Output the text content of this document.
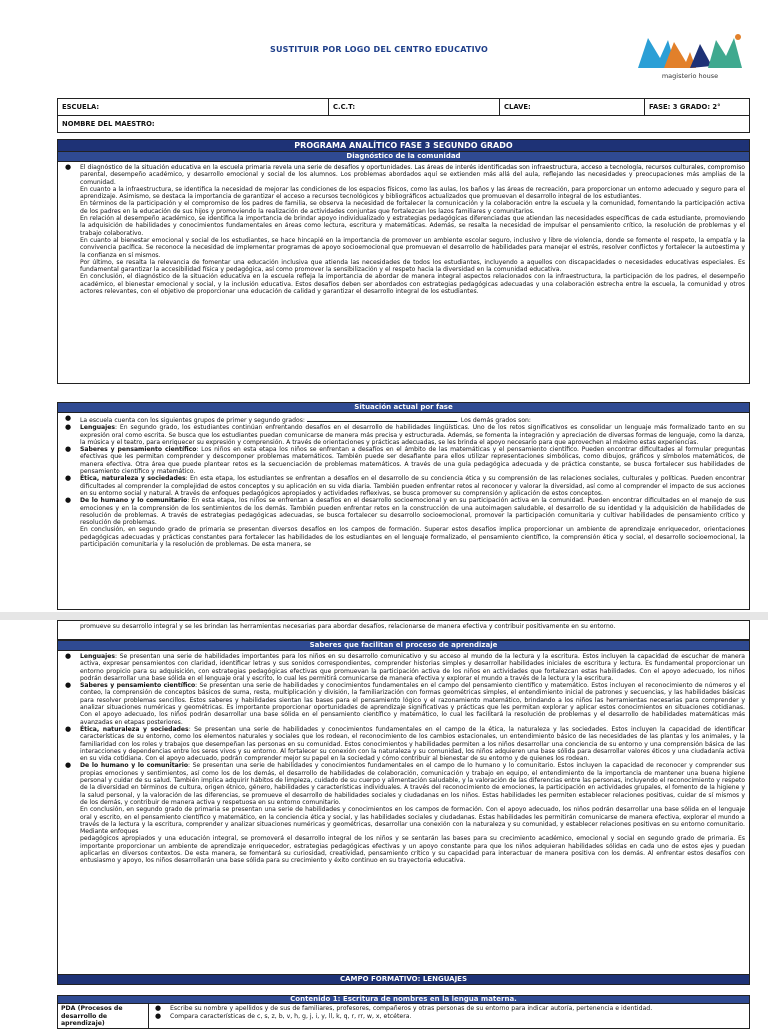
SUSTITUIR POR LOGO DEL CENTRO EDUCATIVO
magisterio house
ESCUELA:	C.C.T:	CLAVE:	FASE: 3 GRADO: 2°
NOMBRE DEL MAESTRO:
PROGRAMA ANALÍTICO FASE 3 SEGUNDO GRADO
Diagnóstico de la comunidad
● El diagnóstico de la situación educativa en la escuela primaria revela una serie de desafíos y oportunidades. Las áreas de interés identificadas son infraestructura, acceso a tecnología, recursos culturales, compromiso parental, desempeño académico, y desarrollo emocional y social de los alumnos. Los problemas abordados aquí se extienden más allá del aula, reflejando las necesidades y preocupaciones más amplias de la comunidad.

En cuanto a la infraestructura, se identifica la necesidad de mejorar las condiciones de los espacios físicos, como las aulas, los baños y las áreas de recreación, para proporcionar un entorno adecuado y seguro para el aprendizaje. Asimismo, se destaca la importancia de garantizar el acceso a recursos tecnológicos y bibliográficos actualizados que promuevan el desarrollo integral de los estudiantes.

En términos de la participación y el compromiso de los padres de familia, se observa la necesidad de fortalecer la comunicación y la colaboración entre la escuela y la comunidad, fomentando la participación activa de los padres en la educación de sus hijos y promoviendo la realización de actividades conjuntas que fortalezcan los lazos familiares y comunitarios.

En relación al desempeño académico, se identifica la importancia de brindar apoyo individualizado y estrategias pedagógicas diferenciadas que atiendan las necesidades específicas de cada estudiante, promoviendo la adquisición de habilidades y conocimientos fundamentales en áreas como lectura, escritura y matemáticas. Además, se resalta la necesidad de impulsar el pensamiento crítico, la resolución de problemas y el trabajo colaborativo.

En cuanto al bienestar emocional y social de los estudiantes, se hace hincapié en la importancia de promover un ambiente escolar seguro, inclusivo y libre de violencia, donde se fomente el respeto, la empatía y la convivencia pacífica. Se reconoce la necesidad de implementar programas de apoyo socioemocional que promuevan el desarrollo de habilidades para manejar el estrés, resolver conflictos y fortalecer la autoestima y la confianza en sí mismos.

Por último, se resalta la relevancia de fomentar una educación inclusiva que atienda las necesidades de todos los estudiantes, incluyendo a aquellos con discapacidades o necesidades educativas especiales. Es fundamental garantizar la accesibilidad física y pedagógica, así como promover la sensibilización y el respeto hacia la diversidad en la comunidad educativa.

En conclusión, el diagnóstico de la situación educativa en la escuela refleja la importancia de abordar de manera integral aspectos relacionados con la infraestructura, la participación de los padres, el desempeño académico, el bienestar emocional y social, y la inclusión educativa. Estos desafíos deben ser abordados con estrategias pedagógicas adecuadas y una colaboración estrecha entre la escuela, la comunidad y otros actores relevantes, con el objetivo de proporcionar una educación de calidad y garantizar el desarrollo integral de los estudiantes.

Situación actual por fase
● La escuela cuenta con los siguientes grupos de primer y segundo grados:	. Los demás grados son:
● Lenguajes: En segundo grado, los estudiantes continúan enfrentando desafíos en el desarrollo de habilidades lingüísticas. Uno de los retos significativos es consolidar un lenguaje más formalizado tanto en su expresión oral como escrita. Se busca que los estudiantes puedan comunicarse de manera más precisa y estructurada. Además, se fomenta la integración y apreciación de diversas formas de lenguaje, como la danza, la música y el teatro, para enriquecer su expresión y comprensión. A través de orientaciones y prácticas adecuadas, se les brinda el apoyo necesario para que aprovechen al máximo estas experiencias.

● Saberes y pensamiento científico: Los niños en esta etapa los niños se enfrentan a desafíos en el ámbito de las matemáticas y el pensamiento científico. Pueden encontrar dificultades al formular preguntas efectivas que les permitan comprender y descomponer problemas matemáticos. También puede ser desafiante para ellos utilizar representaciones simbólicas, como dibujos, gráficos y símbolos matemáticos, de manera efectiva. Otra área que puede plantear retos es la secuenciación de problemas matemáticos. A través de una guía pedagógica adecuada y de práctica constante, se busca fortalecer sus habilidades de pensamiento científico y matemático.

● Ética, naturaleza y sociedades: En esta etapa, los estudiantes se enfrentan a desafíos en el desarrollo de su conciencia ética y su comprensión de las relaciones sociales, culturales y políticas. Pueden encontrar dificultades al comprender la complejidad de estos conceptos y su aplicación en su vida diaria. También pueden enfrentar retos al reconocer y valorar la diversidad, así como al comprender el impacto de sus acciones en su entorno social y natural. A través de enfoques pedagógicos apropiados y actividades reflexivas, se busca promover su comprensión y aplicación de estos conceptos.

● De lo humano y lo comunitario: En esta etapa, los niños se enfrentan a desafíos en el desarrollo socioemocional y en su participación activa en la comunidad. Pueden encontrar dificultades en el manejo de sus emociones y en la comprensión de los sentimientos de los demás. También pueden enfrentar retos en la construcción de una autoimagen saludable, el desarrollo de su identidad y la adquisición de habilidades de resolución de problemas. A través de estrategias pedagógicas adecuadas, se busca fortalecer su desarrollo socioemocional, promover la participación comunitaria y cultivar habilidades de pensamiento crítico y resolución de problemas.

En conclusión, en segundo grado de primaria se presentan diversos desafíos en los campos de formación. Superar estos desafíos implica proporcionar un ambiente de aprendizaje enriquecedor, orientaciones pedagógicas adecuadas y prácticas constantes para fortalecer las habilidades de los estudiantes en el lenguaje formalizado, el pensamiento científico, la comprensión ética y social, el desarrollo socioemocional, la participación comunitaria y la resolución de problemas. De esta manera, se

promueve su desarrollo integral y se les brindan las herramientas necesarias para abordar desafíos, relacionarse de manera efectiva y contribuir positivamente en su entorno.

Saberes que facilitan el proceso de aprendizaje
● Lenguajes: Se presentan una serie de habilidades importantes para los niños en su desarrollo comunicativo y su acceso al mundo de la lectura y la escritura. Estos incluyen la capacidad de escuchar de manera activa, expresar pensamientos con claridad, identificar letras y sus sonidos correspondientes, comprender historias simples y desarrollar habilidades iniciales de escritura y lectura. Es fundamental proporcionar un entorno propicio para su adquisición, con estrategias pedagógicas efectivas que promuevan la participación activa de los niños en actividades que fortalezcan estas habilidades. Con el apoyo adecuado, los niños podrán desarrollar una base sólida en el lenguaje oral y escrito, lo cual les permitirá comunicarse de manera efectiva y explorar el mundo a través de la lectura y la escritura.

● Saberes y pensamiento científico: Se presentan una serie de habilidades y conocimientos fundamentales en el campo del pensamiento científico y matemático. Estos incluyen el reconocimiento de números y el conteo, la comprensión de conceptos básicos de suma, resta, multiplicación y división, la familiarización con formas geométricas simples, el entendimiento inicial de patrones y secuencias, y las habilidades básicas para resolver problemas sencillos. Estos saberes y habilidades sientan las bases para el pensamiento lógico y el razonamiento matemático, brindando a los niños las herramientas necesarias para comprender y analizar situaciones numéricas y geométricas. Es importante proporcionar oportunidades de aprendizaje significativas y prácticas que les permitan explorar y aplicar estos conocimientos en situaciones cotidianas. Con el apoyo adecuado, los niños podrán desarrollar una base sólida en el pensamiento científico y matemático, lo cual les facilitará la resolución de problemas y el desarrollo de habilidades matemáticas más avanzadas en etapas posteriores.

● Ética, naturaleza y sociedades: Se presentan una serie de habilidades y conocimientos fundamentales en el campo de la ética, la naturaleza y las sociedades. Estos incluyen la capacidad de identificar características de su entorno, como los elementos naturales y sociales que los rodean, el reconocimiento de los cambios estacionales, un entendimiento básico de las necesidades de las plantas y los animales, y la familiaridad con los roles y trabajos que desempeñan las personas en su comunidad. Estos conocimientos y habilidades permiten a los niños desarrollar una conciencia de su entorno y una comprensión básica de las interacciones y dependencias entre los seres vivos y su entorno. Al fortalecer su conexión con la naturaleza y su comunidad, los niños adquieren una base sólida para desarrollar valores éticos y una ciudadanía activa en su vida cotidiana. Con el apoyo adecuado, podrán comprender mejor su papel en la sociedad y cómo contribuir al bienestar de su entorno y de quienes los rodean.

● De lo humano y lo comunitario: Se presentan una serie de habilidades y conocimientos fundamentales en el campo de lo humano y lo comunitario. Estos incluyen la capacidad de reconocer y comprender sus propias emociones y sentimientos, así como los de los demás, el desarrollo de habilidades de colaboración, comunicación y trabajo en equipo, el entendimiento de la importancia de mantener una buena higiene personal y cuidar de su salud. También implica adquirir hábitos de limpieza, cuidado de su cuerpo y alimentación saludable, y la valoración de las diferencias entre las personas, incluyendo el reconocimiento y respeto de la diversidad en términos de cultura, origen étnico, género, habilidades y características individuales. A través del reconocimiento de emociones, la participación en actividades grupales, el fomento de la higiene y la salud personal, y la valoración de las diferencias, se promueve el desarrollo de habilidades sociales y ciudadanas en los niños. Estas habilidades les permiten establecer relaciones positivas, cuidar de sí mismos y de los demás, y contribuir de manera activa y respetuosa en su entorno comunitario.

En conclusión, en segundo grado de primaria se presentan una serie de habilidades y conocimientos en los campos de formación. Con el apoyo adecuado, los niños podrán desarrollar una base sólida en el lenguaje oral y escrito, en el pensamiento científico y matemático, en la conciencia ética y social, y las habilidades sociales y ciudadanas. Estas habilidades les permitirán comunicarse de manera efectiva, explorar el mundo a través de la lectura y la escritura, comprender y analizar situaciones numéricas y geométricas, desarrollar una conexión con la naturaleza y su comunidad, y establecer relaciones positivas en su entorno comunitario. Mediante enfoques

pedagógicos apropiados y una educación integral, se promoverá el desarrollo integral de los niños y se sentarán las bases para su crecimiento académico, emocional y social en segundo grado de primaria. Es importante proporcionar un ambiente de aprendizaje enriquecedor, estrategias pedagógicas efectivas y un apoyo constante para que los niños adquieran habilidades sólidas en cada uno de estos ejes y puedan aplicarlas en diversos contextos. De esta manera, se fomentará su curiosidad, creatividad, pensamiento crítico y su capacidad para interactuar de manera positiva con los demás. Al enfrentar estos desafíos con entusiasmo y apoyo, los niños desarrollarán una base sólida para su crecimiento y éxito continuo en su trayectoria educativa.

CAMPO FORMATIVO: LENGUAJES
Contenido 1: Escritura de nombres en la lengua materna.
PDA (Procesos de desarrollo de aprendizaje)	
● Escribe su nombre y apellidos y de sus de familiares, profesores, compañeros y otras personas de su entorno para indicar autoría, pertenencia e identidad.
● Compara características de c, s, z, b, v, h, g, j, i, y, ll, k, q, r, rr, w, x, etcétera.
